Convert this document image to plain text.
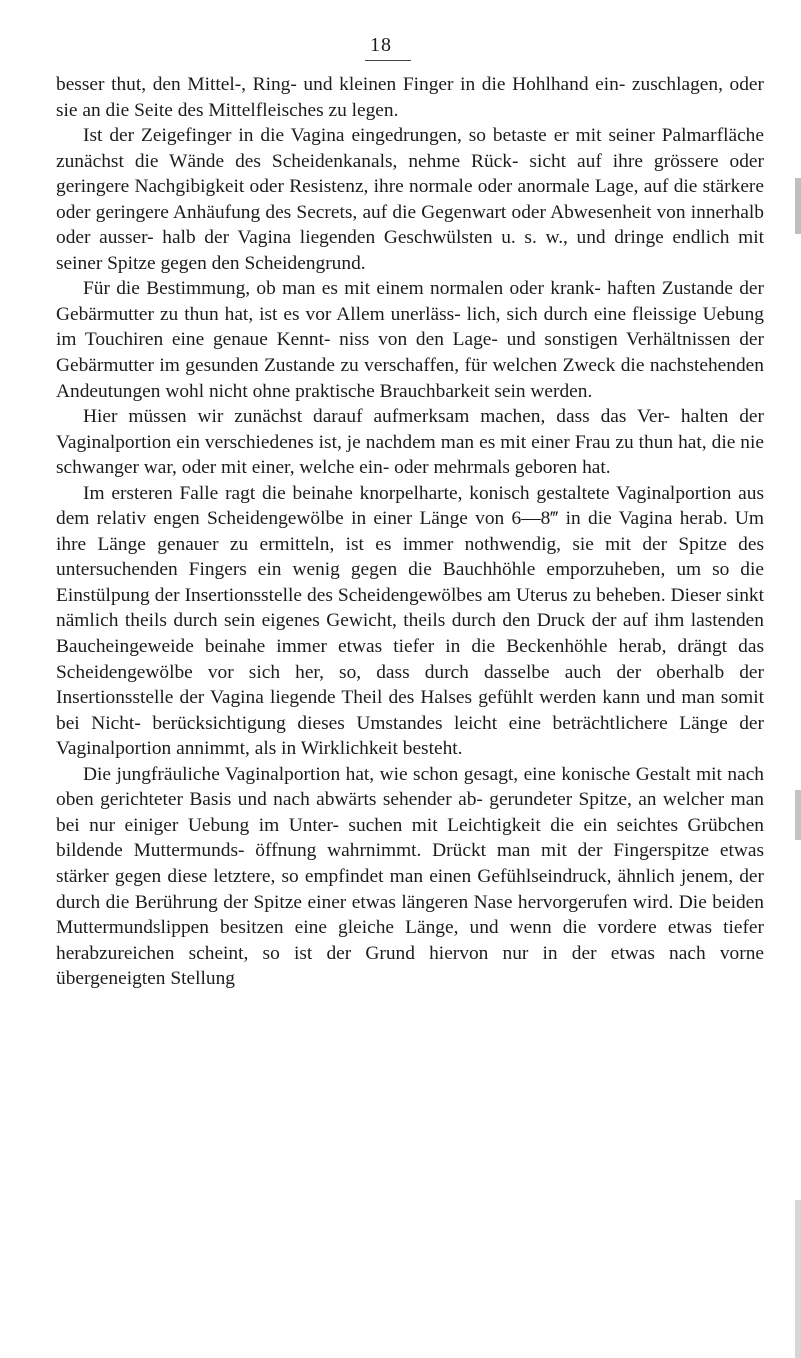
18

besser thut, den Mittel-, Ring- und kleinen Finger in die Hohlhand ein- zuschlagen, oder sie an die Seite des Mittelfleisches zu legen.

Ist der Zeigefinger in die Vagina eingedrungen, so betaste er mit seiner Palmarfläche zunächst die Wände des Scheidenkanals, nehme Rück- sicht auf ihre grössere oder geringere Nachgibigkeit oder Resistenz, ihre normale oder anormale Lage, auf die stärkere oder geringere Anhäufung des Secrets, auf die Gegenwart oder Abwesenheit von innerhalb oder ausser- halb der Vagina liegenden Geschwülsten u. s. w., und dringe endlich mit seiner Spitze gegen den Scheidengrund.

Für die Bestimmung, ob man es mit einem normalen oder krank- haften Zustande der Gebärmutter zu thun hat, ist es vor Allem unerläss- lich, sich durch eine fleissige Uebung im Touchiren eine genaue Kennt- niss von den Lage- und sonstigen Verhältnissen der Gebärmutter im gesunden Zustande zu verschaffen, für welchen Zweck die nachstehenden Andeutungen wohl nicht ohne praktische Brauchbarkeit sein werden.

Hier müssen wir zunächst darauf aufmerksam machen, dass das Ver- halten der Vaginalportion ein verschiedenes ist, je nachdem man es mit einer Frau zu thun hat, die nie schwanger war, oder mit einer, welche ein- oder mehrmals geboren hat.

Im ersteren Falle ragt die beinahe knorpelharte, konisch gestaltete Vaginalportion aus dem relativ engen Scheidengewölbe in einer Länge von 6—8‴ in die Vagina herab. Um ihre Länge genauer zu ermitteln, ist es immer nothwendig, sie mit der Spitze des untersuchenden Fingers ein wenig gegen die Bauchhöhle emporzuheben, um so die Einstülpung der Insertionsstelle des Scheidengewölbes am Uterus zu beheben. Dieser sinkt nämlich theils durch sein eigenes Gewicht, theils durch den Druck der auf ihm lastenden Baucheingeweide beinahe immer etwas tiefer in die Beckenhöhle herab, drängt das Scheidengewölbe vor sich her, so, dass durch dasselbe auch der oberhalb der Insertionsstelle der Vagina liegende Theil des Halses gefühlt werden kann und man somit bei Nicht- berücksichtigung dieses Umstandes leicht eine beträchtlichere Länge der Vaginalportion annimmt, als in Wirklichkeit besteht.

Die jungfräuliche Vaginalportion hat, wie schon gesagt, eine konische Gestalt mit nach oben gerichteter Basis und nach abwärts sehender ab- gerundeter Spitze, an welcher man bei nur einiger Uebung im Unter- suchen mit Leichtigkeit die ein seichtes Grübchen bildende Muttermunds- öffnung wahrnimmt. Drückt man mit der Fingerspitze etwas stärker gegen diese letztere, so empfindet man einen Gefühlseindruck, ähnlich jenem, der durch die Berührung der Spitze einer etwas längeren Nase hervorgerufen wird. Die beiden Muttermundslippen besitzen eine gleiche Länge, und wenn die vordere etwas tiefer herabzureichen scheint, so ist der Grund hiervon nur in der etwas nach vorne übergeneigten Stellung
